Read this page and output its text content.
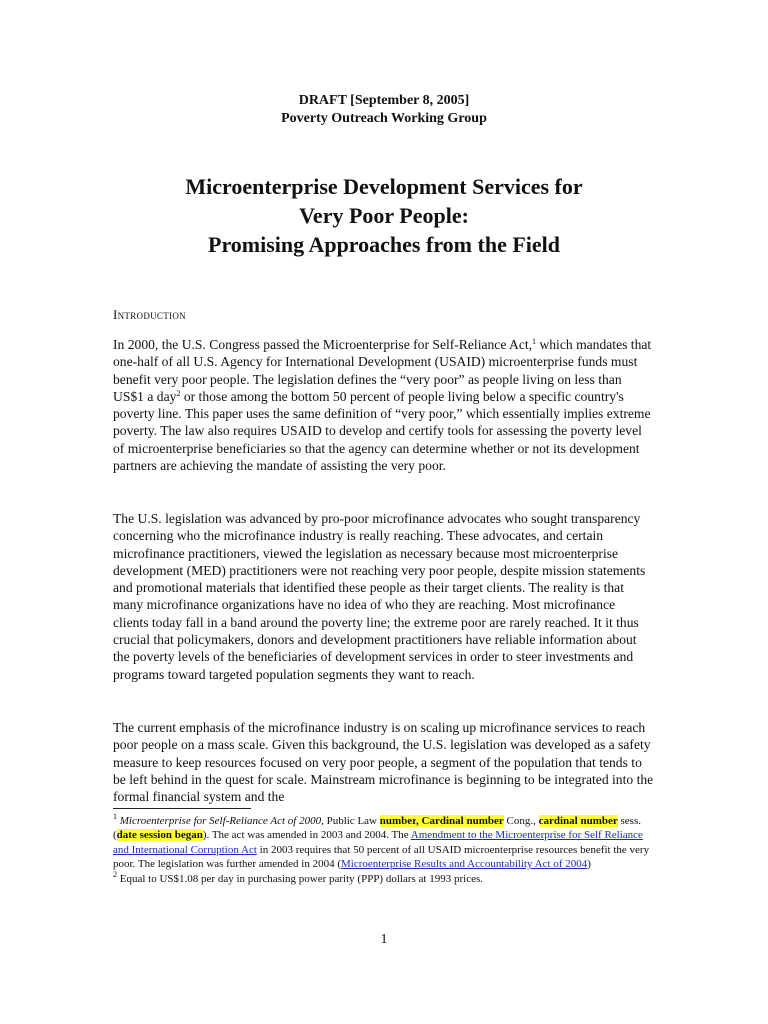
DRAFT [September 8, 2005]
Poverty Outreach Working Group
Microenterprise Development Services for
Very Poor People:
Promising Approaches from the Field
Introduction

In 2000, the U.S. Congress passed the Microenterprise for Self-Reliance Act,$^1$ which mandates that one-half of all U.S. Agency for International Development (USAID) microenterprise funds must benefit very poor people. The legislation defines the “very poor” as people living on less than US$1 a day$^2$ or those among the bottom 50 percent of people living below a specific country's poverty line. This paper uses the same definition of “very poor,” which essentially implies extreme poverty. The law also requires USAID to develop and certify tools for assessing the poverty level of microenterprise beneficiaries so that the agency can determine whether or not its development partners are achieving the mandate of assisting the very poor.

The U.S. legislation was advanced by pro-poor microfinance advocates who sought transparency concerning who the microfinance industry is really reaching. These advocates, and certain microfinance practitioners, viewed the legislation as necessary because most microenterprise development (MED) practitioners were not reaching very poor people, despite mission statements and promotional materials that identified these people as their target clients. The reality is that many microfinance organizations have no idea of who they are reaching. Most microfinance clients today fall in a band around the poverty line; the extreme poor are rarely reached. It it thus crucial that policymakers, donors and development practitioners have reliable information about the poverty levels of the beneficiaries of development services in order to steer investments and programs toward targeted population segments they want to reach.

The current emphasis of the microfinance industry is on scaling up microfinance services to reach poor people on a mass scale. Given this background, the U.S. legislation was developed as a safety measure to keep resources focused on very poor people, a segment of the population that tends to be left behind in the quest for scale. Mainstream microfinance is beginning to be integrated into the formal financial system and the

$^1$ Microenterprise for Self-Reliance Act of 2000, Public Law number, Cardinal number Cong., cardinal number sess. (date session began). The act was amended in 2003 and 2004. The Amendment to the Microenterprise for Self Reliance and International Corruption Act in 2003 requires that 50 percent of all USAID microenterprise resources benefit the very poor. The legislation was further amended in 2004 (Microenterprise Results and Accountability Act of 2004)

$^2$ Equal to US$1.08 per day in purchasing power parity (PPP) dollars at 1993 prices.

1
